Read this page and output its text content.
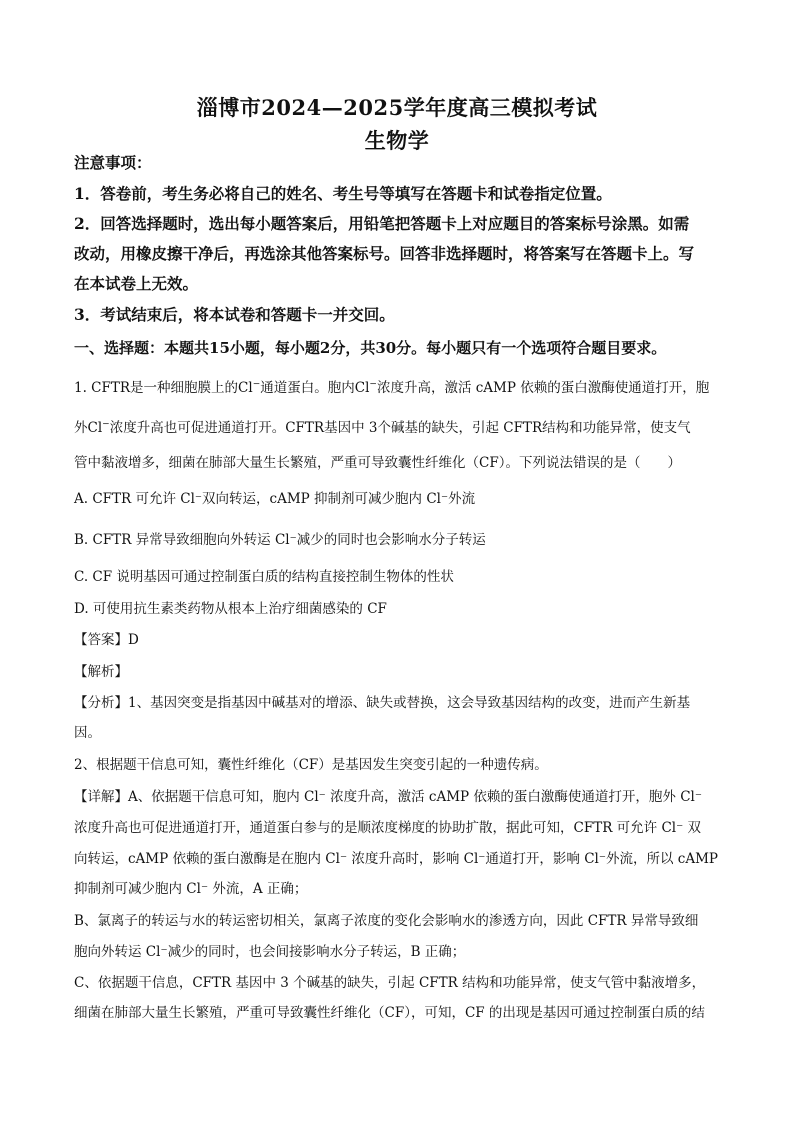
淄博市2024—2025学年度高三模拟考试
生物学
注意事项：
1．答卷前，考生务必将自己的姓名、考生号等填写在答题卡和试卷指定位置。
2．回答选择题时，选出每小题答案后，用铅笔把答题卡上对应题目的答案标号涂黑。如需
改动，用橡皮擦干净后，再选涂其他答案标号。回答非选择题时，将答案写在答题卡上。写
在本试卷上无效。
3．考试结束后，将本试卷和答题卡一并交回。
一、选择题：本题共15小题，每小题2分，共30分。每小题只有一个选项符合题目要求。
1. CFTR是一种细胞膜上的Cl−通道蛋白。胞内Cl−浓度升高，激活 cAMP 依赖的蛋白激酶使通道打开，胞
外Cl−浓度升高也可促进通道打开。CFTR基因中 3个碱基的缺失，引起 CFTR结构和功能异常，使支气
管中黏液增多，细菌在肺部大量生长繁殖，严重可导致囊性纤维化（CF）。下列说法错误的是（　　）
A. CFTR 可允许 Cl⁻双向转运，cAMP 抑制剂可减少胞内 Cl⁻外流
B. CFTR 异常导致细胞向外转运 Cl⁻减少的同时也会影响水分子转运
C. CF 说明基因可通过控制蛋白质的结构直接控制生物体的性状
D. 可使用抗生素类药物从根本上治疗细菌感染的 CF
【答案】D
【解析】
【分析】1、基因突变是指基因中碱基对的增添、缺失或替换，这会导致基因结构的改变，进而产生新基
因。
2、根据题干信息可知，囊性纤维化（CF）是基因发生突变引起的一种遗传病。
【详解】A、依据题干信息可知，胞内 Cl⁻ 浓度升高，激活 cAMP 依赖的蛋白激酶使通道打开，胞外 Cl⁻
浓度升高也可促进通道打开，通道蛋白参与的是顺浓度梯度的协助扩散，据此可知，CFTR 可允许 Cl⁻ 双
向转运，cAMP 依赖的蛋白激酶是在胞内 Cl⁻ 浓度升高时，影响 Cl⁻通道打开，影响 Cl⁻外流，所以 cAMP
抑制剂可减少胞内 Cl⁻ 外流，A 正确；
B、氯离子的转运与水的转运密切相关，氯离子浓度的变化会影响水的渗透方向，因此 CFTR 异常导致细
胞向外转运 Cl⁻减少的同时，也会间接影响水分子转运，B 正确；
C、依据题干信息，CFTR 基因中 3 个碱基的缺失，引起 CFTR 结构和功能异常，使支气管中黏液增多，
细菌在肺部大量生长繁殖，严重可导致囊性纤维化（CF），可知，CF 的出现是基因可通过控制蛋白质的结
